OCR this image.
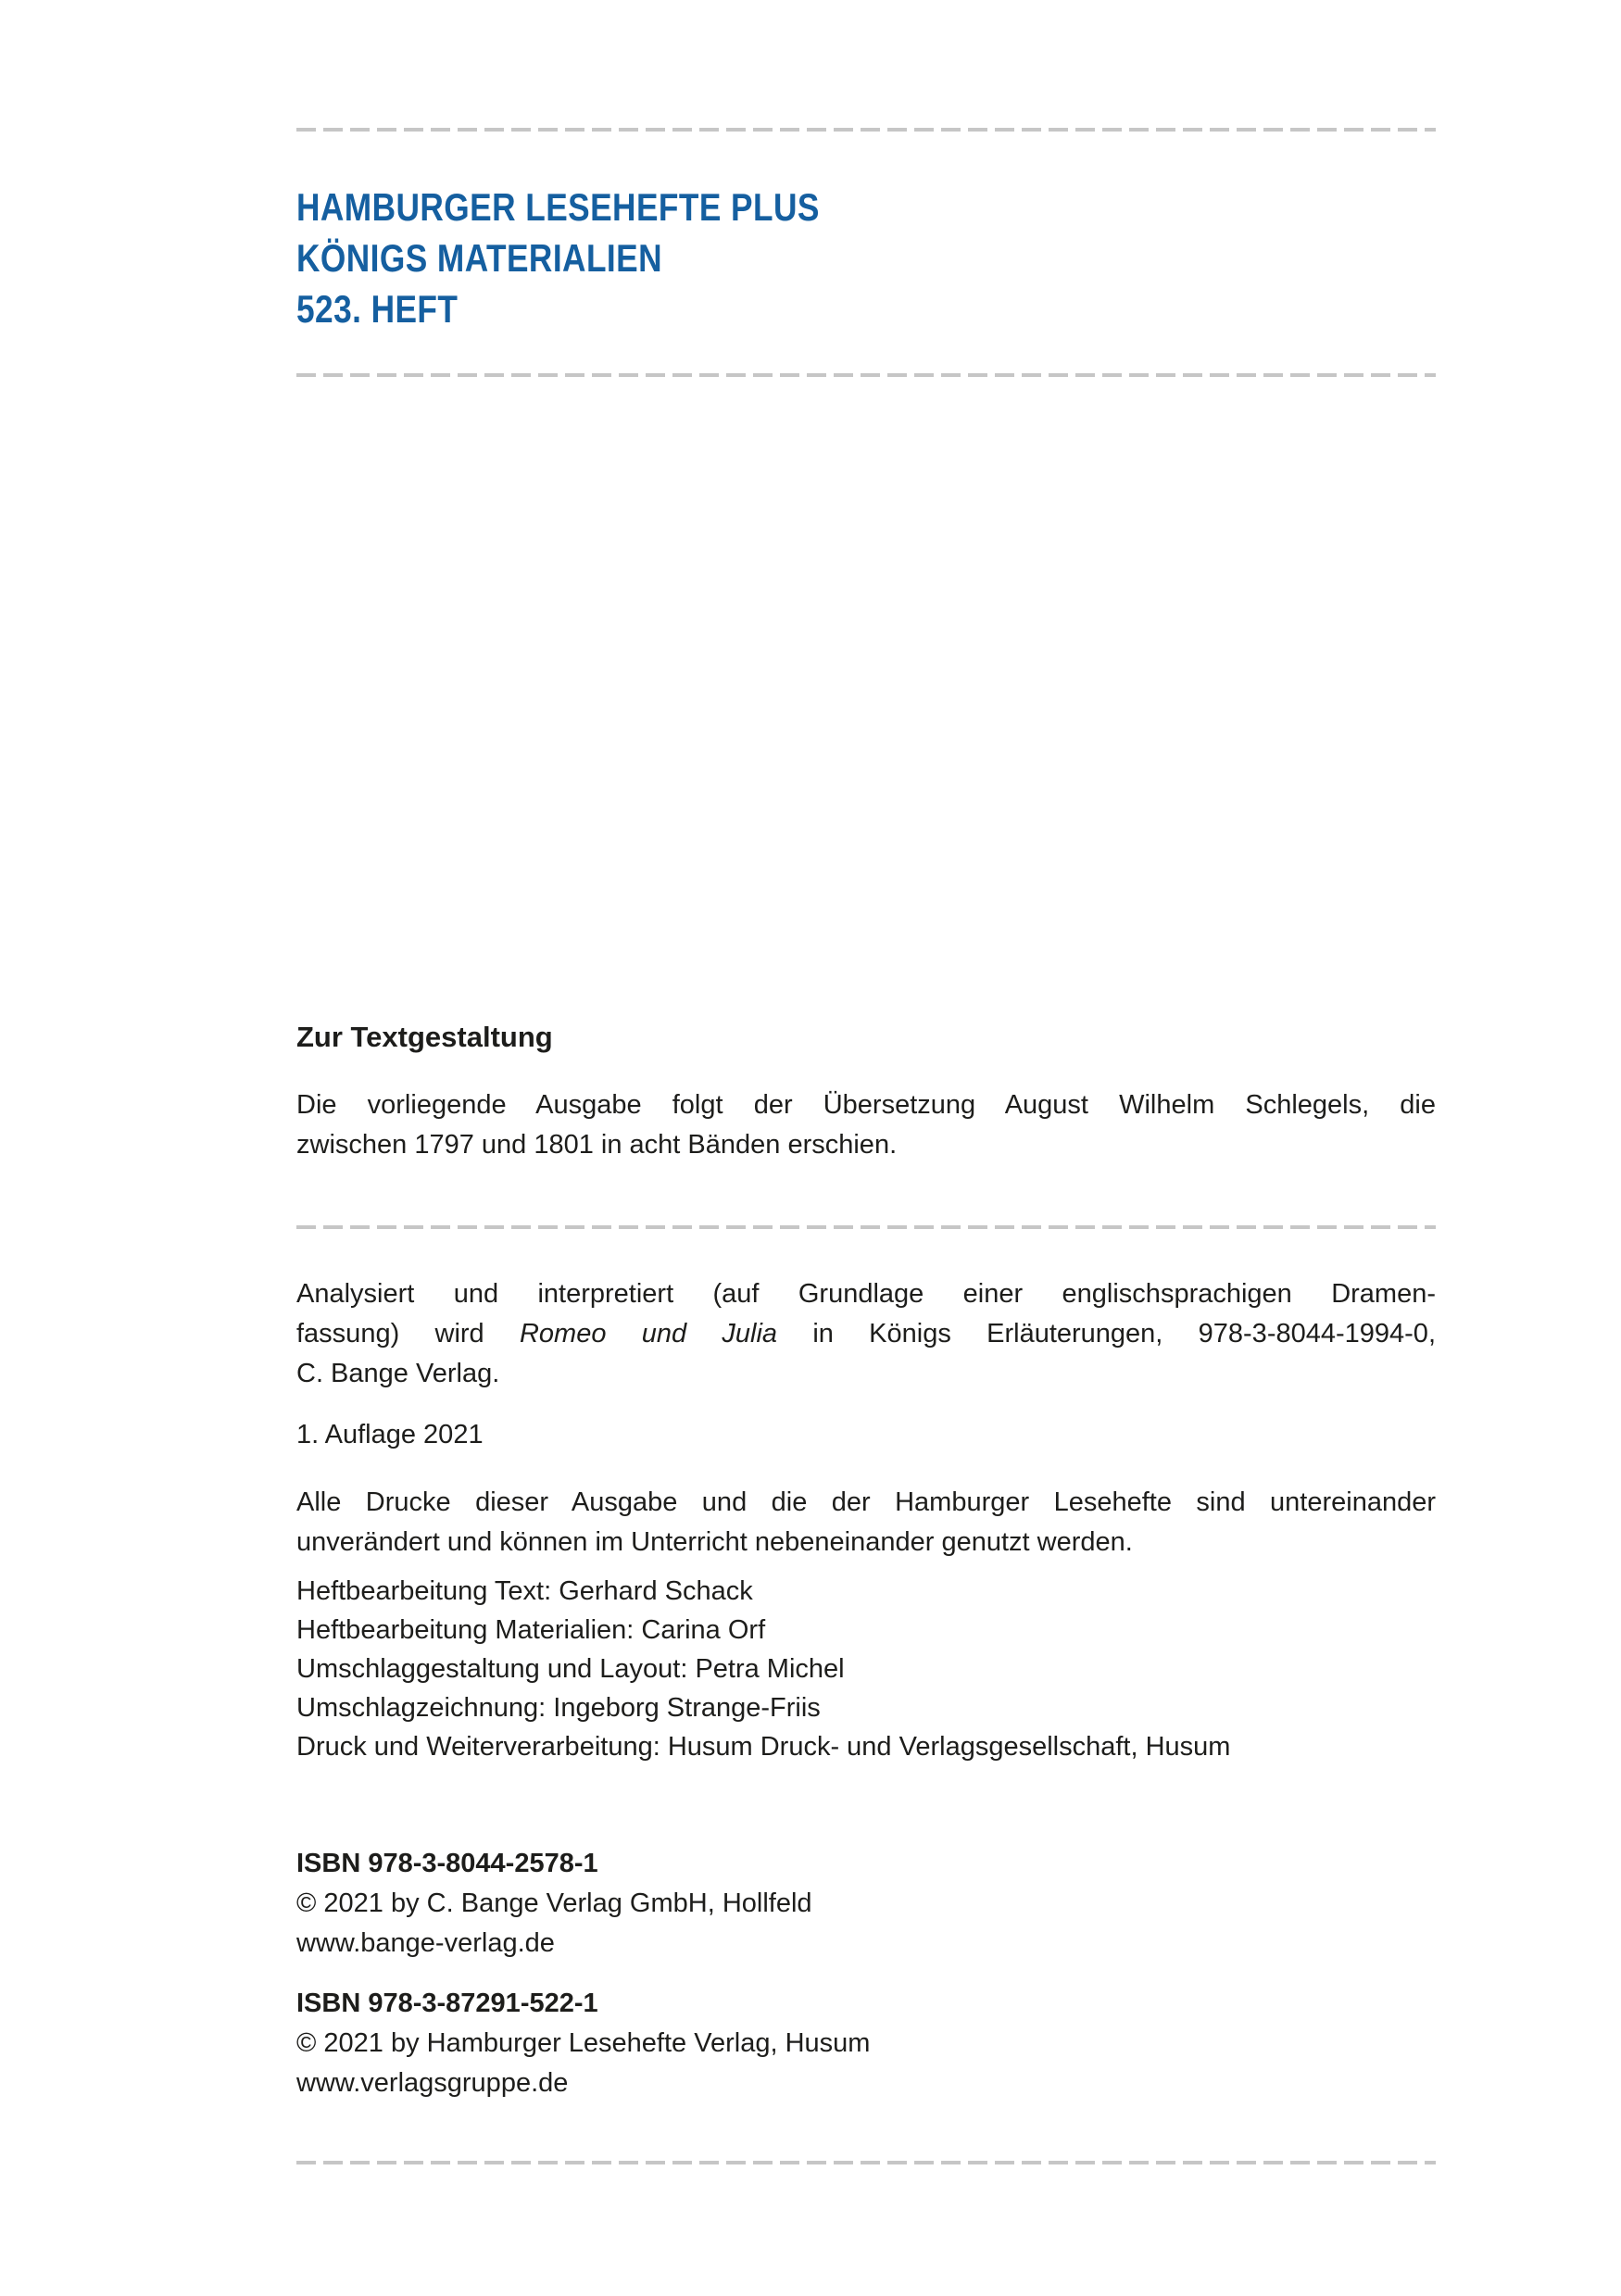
HAMBURGER LESEHEFTE PLUS
KÖNIGS MATERIALIEN
523. HEFT
Zur Textgestaltung
Die vorliegende Ausgabe folgt der Übersetzung August Wilhelm Schlegels, die
zwischen 1797 und 1801 in acht Bänden erschien.
Analysiert und interpretiert (auf Grundlage einer englischsprachigen Dramen-
fassung) wird Romeo und Julia in Königs Erläuterungen, 978-3-8044-1994-0,
C. Bange Verlag.
1. Auflage 2021
Alle Drucke dieser Ausgabe und die der Hamburger Lesehefte sind untereinander
unverändert und können im Unterricht nebeneinander genutzt werden.
Heftbearbeitung Text: Gerhard Schack
Heftbearbeitung Materialien: Carina Orf
Umschlaggestaltung und Layout: Petra Michel
Umschlagzeichnung: Ingeborg Strange-Friis
Druck und Weiterverarbeitung: Husum Druck- und Verlagsgesellschaft, Husum
ISBN 978-3-8044-2578-1
© 2021 by C. Bange Verlag GmbH, Hollfeld
www.bange-verlag.de
ISBN 978-3-87291-522-1
© 2021 by Hamburger Lesehefte Verlag, Husum
www.verlagsgruppe.de
